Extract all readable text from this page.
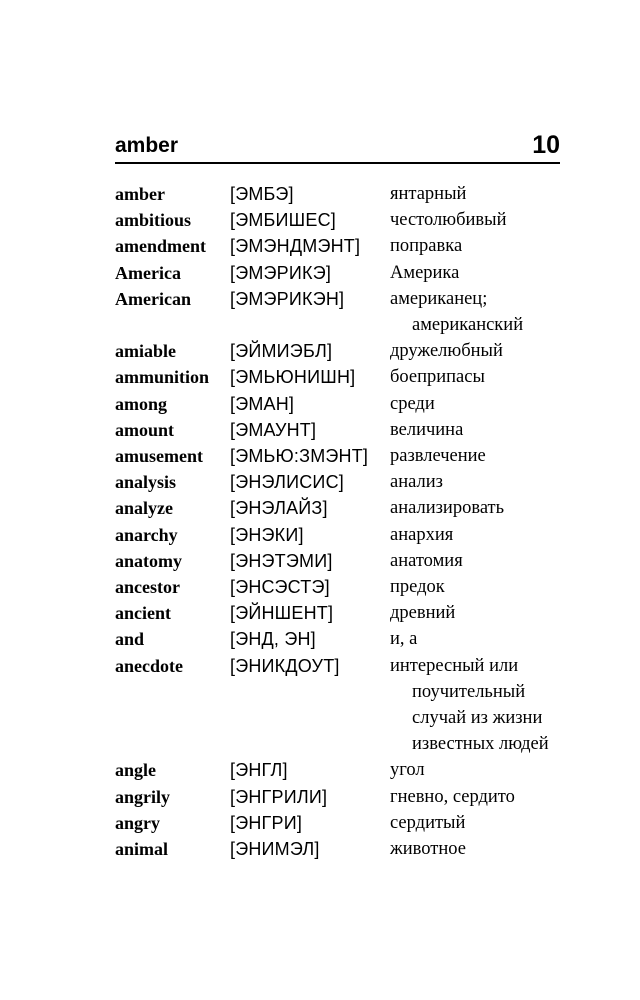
amber	10
amber	[ЭМБЭ]	янтарный
ambitious [ЭМБИШЕС]	честолюбивый
amendment [ЭМЭНДМЭНТ] поправка
America	[ЭМЭРИКЭ]	Америка
American [ЭМЭРИКЭН] американец;
американский
amiable	[ЭЙМИЭБЛ]	дружелюбный
ammunition [ЭМЬЮНИШН] боеприпасы
among	[ЭМАН]	среди
amount	[ЭМАУНТ]	величина
amusement [ЭМЬЮ:ЗМЭНТ] развлечение
analysis	[ЭНЭЛИСИС] анализ
analyze	[ЭНЭЛАЙЗ]	анализировать
anarchy	[ЭНЭКИ]	анархия
anatomy	[ЭНЭТЭМИ]	анатомия
ancestor	[ЭНСЭСТЭ]	предок
ancient	[ЭЙНШЕНТ]	древний
and	[ЭНД, ЭН]	и, а
anecdote	[ЭНИКДОУТ]	интересный или
поучительный
случай из жизни
известных людей
angle	[ЭНГЛ]	угол
angrily	[ЭНГРИЛИ]	гневно, сердито
angry	[ЭНГРИ]	сердитый
animal	[ЭНИМЭЛ]	животное
